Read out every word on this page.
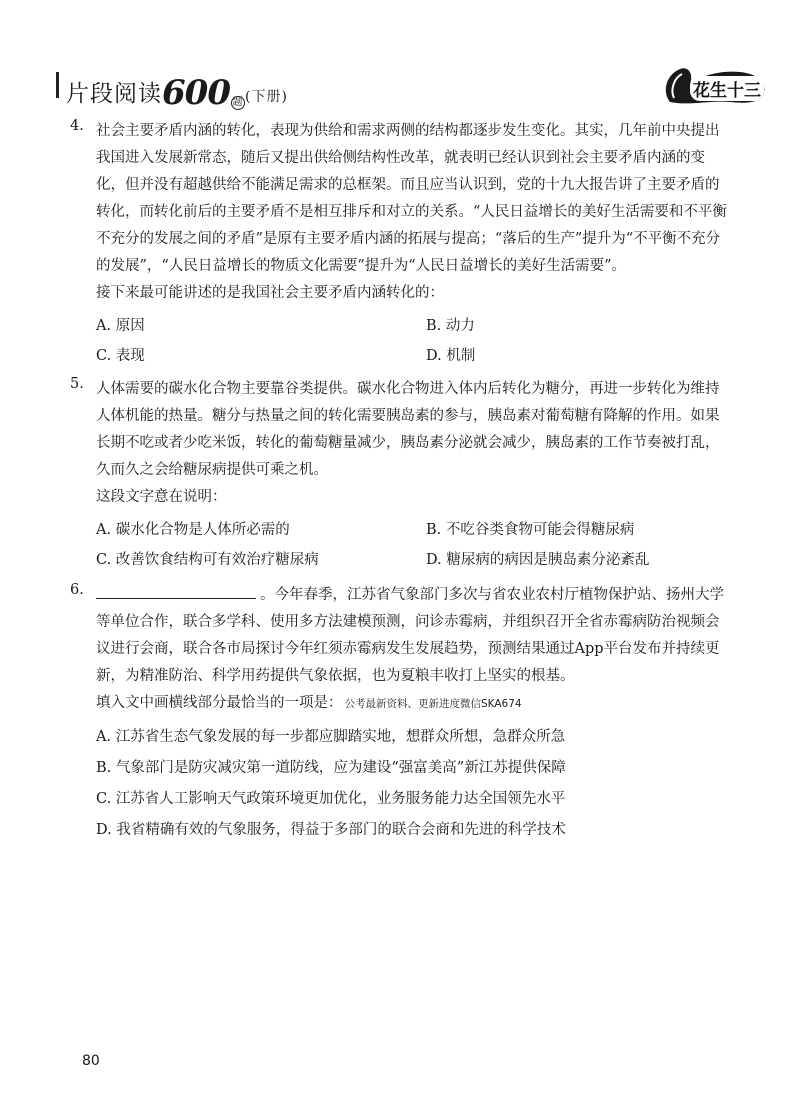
片段阅读600 题 (下册)	花生十三
4. 社会主要矛盾内涵的转化，表现为供给和需求两侧的结构都逐步发生变化。其实，几年前中央提出我国进入发展新常态，随后又提出供给侧结构性改革，就表明已经认识到社会主要矛盾内涵的变化，但并没有超越供给不能满足需求的总框架。而且应当认识到，党的十九大报告讲了主要矛盾的转化，而转化前后的主要矛盾不是相互排斥和对立的关系。“人民日益增长的美好生活需要和不平衡不充分的发展之间的矛盾”是原有主要矛盾内涵的拓展与提高；“落后的生产”提升为“不平衡不充分的发展”，“人民日益增长的物质文化需要”提升为“人民日益增长的美好生活需要”。

接下来最可能讲述的是我国社会主要矛盾内涵转化的：

A. 原因	B. 动力
C. 表现	D. 机制
5. 人体需要的碳水化合物主要靠谷类提供。碳水化合物进入体内后转化为糖分，再进一步转化为维持人体机能的热量。糖分与热量之间的转化需要胰岛素的参与，胰岛素对葡萄糖有降解的作用。如果长期不吃或者少吃米饭，转化的葡萄糖量减少，胰岛素分泌就会减少，胰岛素的工作节奏被打乱，久而久之会给糖尿病提供可乘之机。

这段文字意在说明：

A. 碳水化合物是人体所必需的	B. 不吃谷类食物可能会得糖尿病
C. 改善饮食结构可有效治疗糖尿病	D. 糖尿病的病因是胰岛素分泌紊乱
6.	。今年春季，江苏省气象部门多次与省农业农村厅植物保护站、扬州大学等单位合作，联合多学科、使用多方法建模预测，问诊赤霉病，并组织召开全省赤霉病防治视频会议进行会商，联合各市局探讨今年红须赤霉病发生发展趋势，预测结果通过App平台发布并持续更新，为精准防治、科学用药提供气象依据，也为夏粮丰收打上坚实的根基。

填入文中画横线部分最恰当的一项是： 公考最新资料、更新进度微信SKA674

A. 江苏省生态气象发展的每一步都应脚踏实地，想群众所想，急群众所急
B. 气象部门是防灾减灾第一道防线，应为建设“强富美高”新江苏提供保障
C. 江苏省人工影响天气政策环境更加优化，业务服务能力达全国领先水平
D. 我省精确有效的气象服务，得益于多部门的联合会商和先进的科学技术
80
